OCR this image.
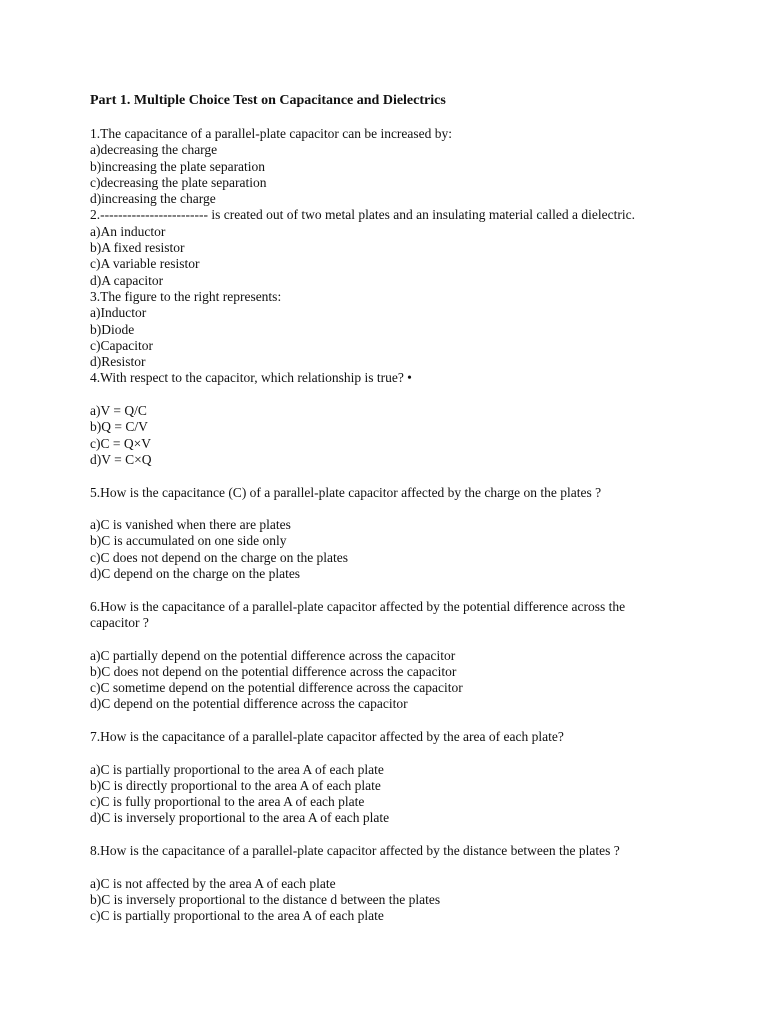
Part 1. Multiple Choice Test on Capacitance and Dielectrics
1.The capacitance of a parallel-plate capacitor can be increased by:
a)decreasing the charge
b)increasing the plate separation
c)decreasing the plate separation
d)increasing the charge
2.------------------------ is created out of two metal plates and an insulating material called a dielectric.
a)An inductor
b)A fixed resistor
c)A variable resistor
d)A capacitor
3.The figure to the right represents:
a)Inductor
b)Diode
c)Capacitor
d)Resistor
4.With respect to the capacitor, which relationship is true? •
a)V = Q/C
b)Q = C/V
c)C = Q×V
d)V = C×Q
5.How is the capacitance (C) of a parallel-plate capacitor affected by the charge on the plates ?
a)C is vanished when there are plates
b)C is accumulated on one side only
c)C does not depend on the charge on the plates
d)C depend on the charge on the plates
6.How is the capacitance of a parallel-plate capacitor affected by the potential difference across the
capacitor ?
a)C partially depend on the potential difference across the capacitor
b)C does not depend on the potential difference across the capacitor
c)C sometime depend on the potential difference across the capacitor
d)C depend on the potential difference across the capacitor
7.How is the capacitance of a parallel-plate capacitor affected by the area of each plate?
a)C is partially proportional to the area A of each plate
b)C is directly proportional to the area A of each plate
c)C is fully proportional to the area A of each plate
d)C is inversely proportional to the area A of each plate
8.How is the capacitance of a parallel-plate capacitor affected by the distance between the plates ?
a)C is not affected by the area A of each plate
b)C is inversely proportional to the distance d between the plates
c)C is partially proportional to the area A of each plate
